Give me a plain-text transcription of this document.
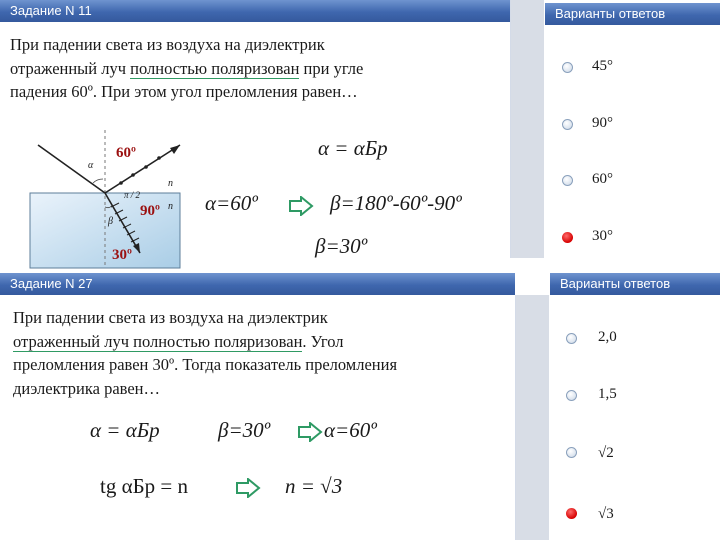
Задание N 11	Варианты ответов
При падении света из воздуха на диэлектрик
отраженный луч полностью поляризован при угле
падения 60º. При этом угол преломления равен…
α
n
n
π / 2
β
60º
90º
30º
α = αБр
α=60º	β=180º-60º-90º
β=30º
45°
90°
60°
30°
Задание N 27	Варианты ответов
При падении света из воздуха на диэлектрик
отраженный луч полностью поляризован. Угол
преломления равен 30º. Тогда показатель преломления
диэлектрика равен…
α = αБр	β=30º	α=60º
tg αБр = n	n = √3
2,0
1,5
√2
√3
